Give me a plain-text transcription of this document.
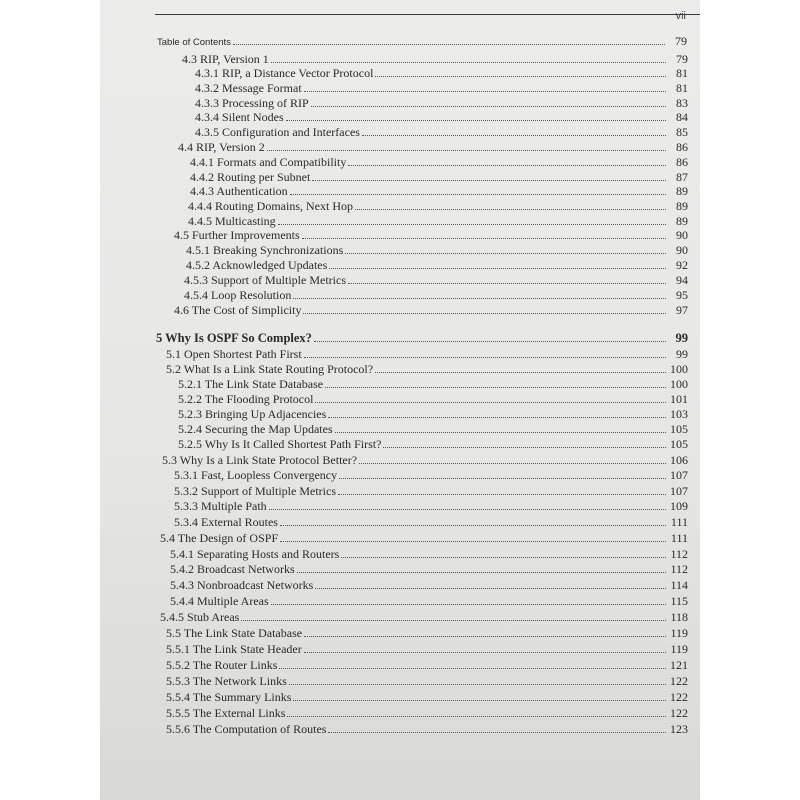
vii
Table of Contents	79
4.3 RIP, Version 1	79
4.3.1 RIP, a Distance Vector Protocol	81
4.3.2 Message Format	81
4.3.3 Processing of RIP	83
4.3.4 Silent Nodes	84
4.3.5 Configuration and Interfaces	85
4.4 RIP, Version 2	86
4.4.1 Formats and Compatibility	86
4.4.2 Routing per Subnet	87
4.4.3 Authentication	89
4.4.4 Routing Domains, Next Hop	89
4.4.5 Multicasting	89
4.5 Further Improvements	90
4.5.1 Breaking Synchronizations	90
4.5.2 Acknowledged Updates	92
4.5.3 Support of Multiple Metrics	94
4.5.4 Loop Resolution	95
4.6 The Cost of Simplicity	97
5 Why Is OSPF So Complex?	99
5.1 Open Shortest Path First	99
5.2 What Is a Link State Routing Protocol?	100
5.2.1 The Link State Database	100
5.2.2 The Flooding Protocol	101
5.2.3 Bringing Up Adjacencies	103
5.2.4 Securing the Map Updates	105
5.2.5 Why Is It Called Shortest Path First?	105
5.3 Why Is a Link State Protocol Better?	106
5.3.1 Fast, Loopless Convergency	107
5.3.2 Support of Multiple Metrics	107
5.3.3 Multiple Path	109
5.3.4 External Routes	111
5.4 The Design of OSPF	111
5.4.1 Separating Hosts and Routers	112
5.4.2 Broadcast Networks	112
5.4.3 Nonbroadcast Networks	114
5.4.4 Multiple Areas	115
5.4.5 Stub Areas	118
5.5 The Link State Database	119
5.5.1 The Link State Header	119
5.5.2 The Router Links	121
5.5.3 The Network Links	122
5.5.4 The Summary Links	122
5.5.5 The External Links	122
5.5.6 The Computation of Routes	123
